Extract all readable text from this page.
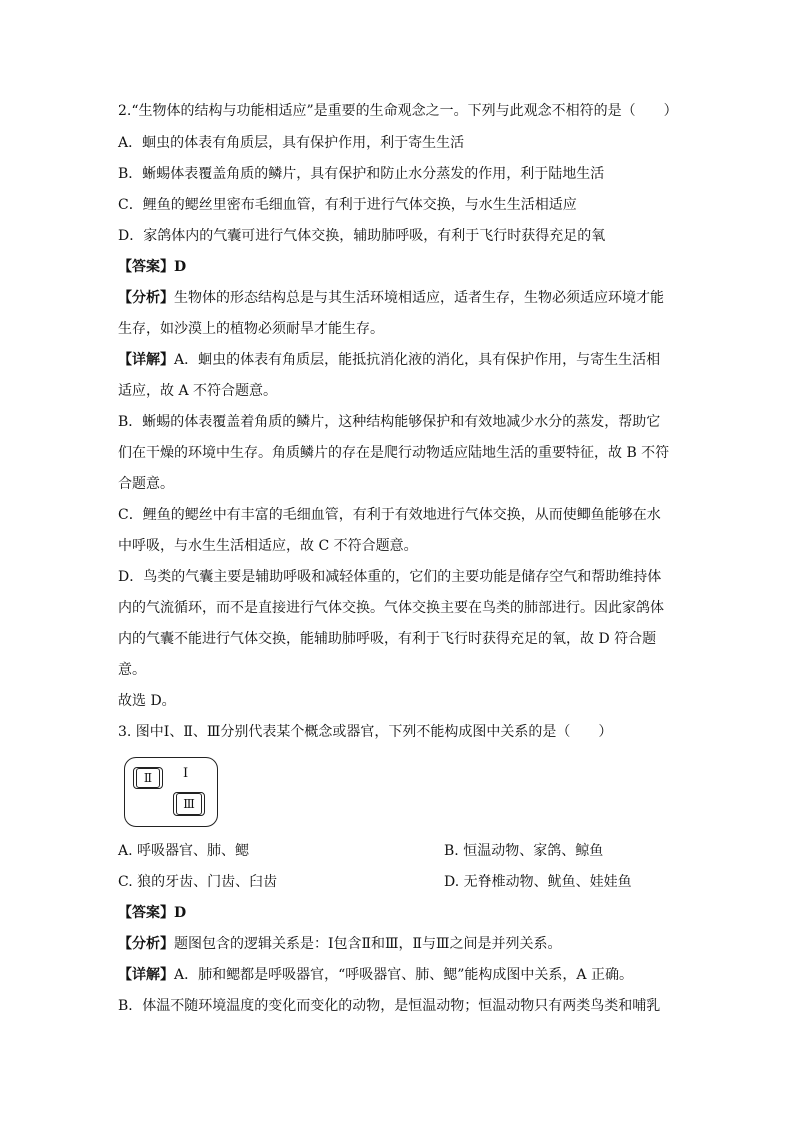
2.“生物体的结构与功能相适应”是重要的生命观念之一。下列与此观念不相符的是（　　）
A．蛔虫的体表有角质层，具有保护作用，利于寄生生活
B．蜥蜴体表覆盖角质的鳞片，具有保护和防止水分蒸发的作用，利于陆地生活
C．鲤鱼的鳃丝里密布毛细血管，有利于进行气体交换，与水生生活相适应
D．家鸽体内的气囊可进行气体交换，辅助肺呼吸，有利于飞行时获得充足的氧
【答案】D
【分析】生物体的形态结构总是与其生活环境相适应，适者生存，生物必须适应环境才能
生存，如沙漠上的植物必须耐旱才能生存。
【详解】A．蛔虫的体表有角质层，能抵抗消化液的消化，具有保护作用，与寄生生活相
适应，故 A 不符合题意。
B．蜥蜴的体表覆盖着角质的鳞片，这种结构能够保护和有效地减少水分的蒸发，帮助它
们在干燥的环境中生存。角质鳞片的存在是爬行动物适应陆地生活的重要特征，故 B 不符
合题意。
C．鲤鱼的鳃丝中有丰富的毛细血管，有利于有效地进行气体交换，从而使鲫鱼能够在水
中呼吸，与水生生活相适应，故 C 不符合题意。
D．鸟类的气囊主要是辅助呼吸和减轻体重的，它们的主要功能是储存空气和帮助维持体
内的气流循环，而不是直接进行气体交换。气体交换主要在鸟类的肺部进行。因此家鸽体
内的气囊不能进行气体交换，能辅助肺呼吸，有利于飞行时获得充足的氧，故 D 符合题
意。
故选 D。
3. 图中Ⅰ、Ⅱ、Ⅲ分别代表某个概念或器官，下列不能构成图中关系的是（　　）
Ⅰ
Ⅱ
Ⅲ
A. 呼吸器官、肺、鳃	B. 恒温动物、家鸽、鲸鱼
C. 狼的牙齿、门齿、臼齿	D. 无脊椎动物、鱿鱼、娃娃鱼
【答案】D
【分析】题图包含的逻辑关系是：Ⅰ包含Ⅱ和Ⅲ，Ⅱ与Ⅲ之间是并列关系。
【详解】A．肺和鳃都是呼吸器官，“呼吸器官、肺、鳃”能构成图中关系，A 正确。
B．体温不随环境温度的变化而变化的动物，是恒温动物；恒温动物只有两类鸟类和哺乳
